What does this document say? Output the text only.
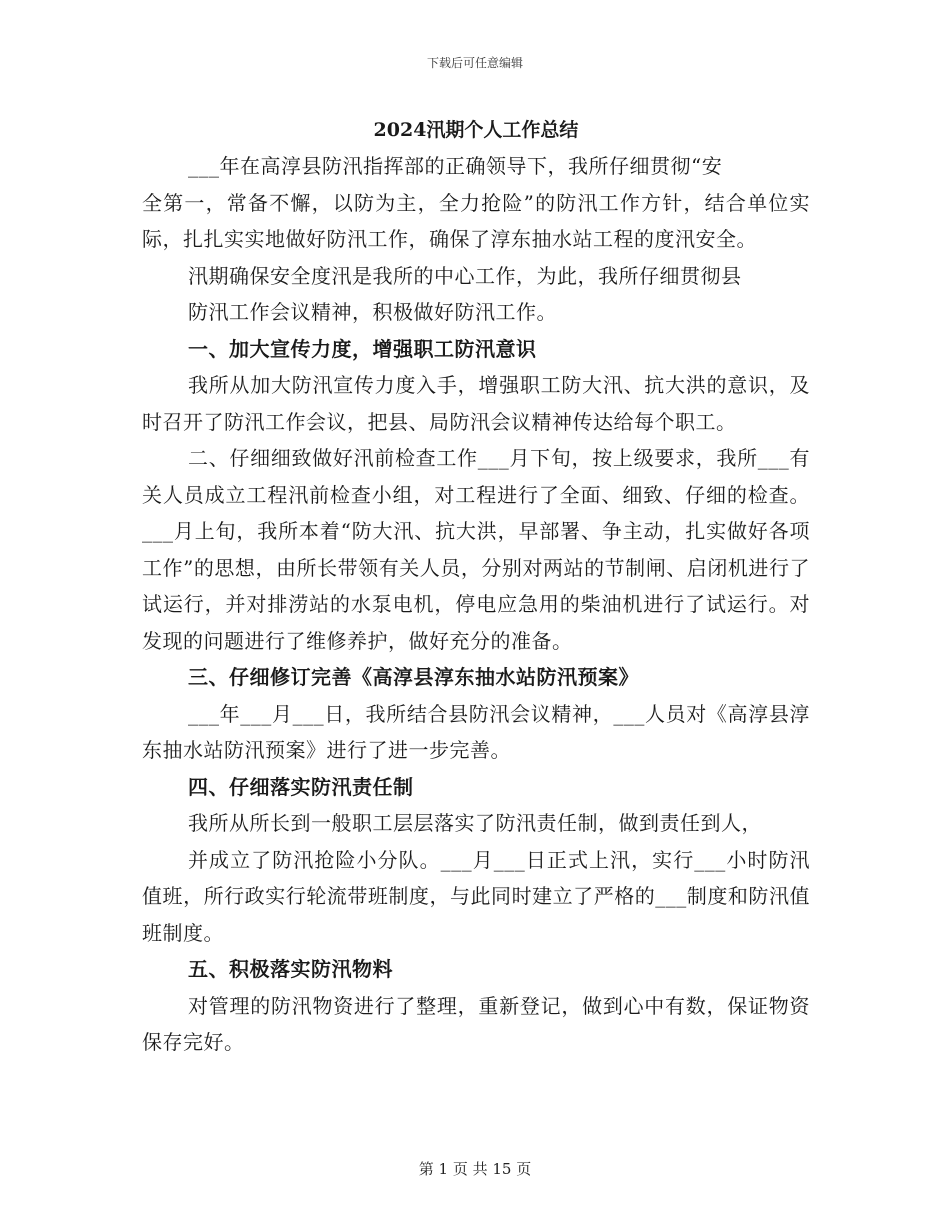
下载后可任意编辑
2024汛期个人工作总结

___年在高淳县防汛指挥部的正确领导下，我所仔细贯彻“安

全第一，常备不懈，以防为主，全力抢险”的防汛工作方针，结合单位实际，扎扎实实地做好防汛工作，确保了淳东抽水站工程的度汛安全。

汛期确保安全度汛是我所的中心工作，为此，我所仔细贯彻县

防汛工作会议精神，积极做好防汛工作。

一、加大宣传力度，增强职工防汛意识

我所从加大防汛宣传力度入手，增强职工防大汛、抗大洪的意识，及时召开了防汛工作会议，把县、局防汛会议精神传达给每个职工。

二、仔细细致做好汛前检查工作___月下旬，按上级要求，我所___有关人员成立工程汛前检查小组，对工程进行了全面、细致、仔细的检查。___月上旬，我所本着“防大汛、抗大洪，早部署、争主动，扎实做好各项工作”的思想，由所长带领有关人员，分别对两站的节制闸、启闭机进行了试运行，并对排涝站的水泵电机，停电应急用的柴油机进行了试运行。对发现的问题进行了维修养护，做好充分的准备。

三、仔细修订完善《高淳县淳东抽水站防汛预案》

___年___月___日，我所结合县防汛会议精神，___人员对《高淳县淳东抽水站防汛预案》进行了进一步完善。

四、仔细落实防汛责任制

我所从所长到一般职工层层落实了防汛责任制，做到责任到人，

并成立了防汛抢险小分队。___月___日正式上汛，实行___小时防汛值班，所行政实行轮流带班制度，与此同时建立了严格的___制度和防汛值班制度。

五、积极落实防汛物料

对管理的防汛物资进行了整理，重新登记，做到心中有数，保证物资保存完好。

第 1 页 共 15 页
